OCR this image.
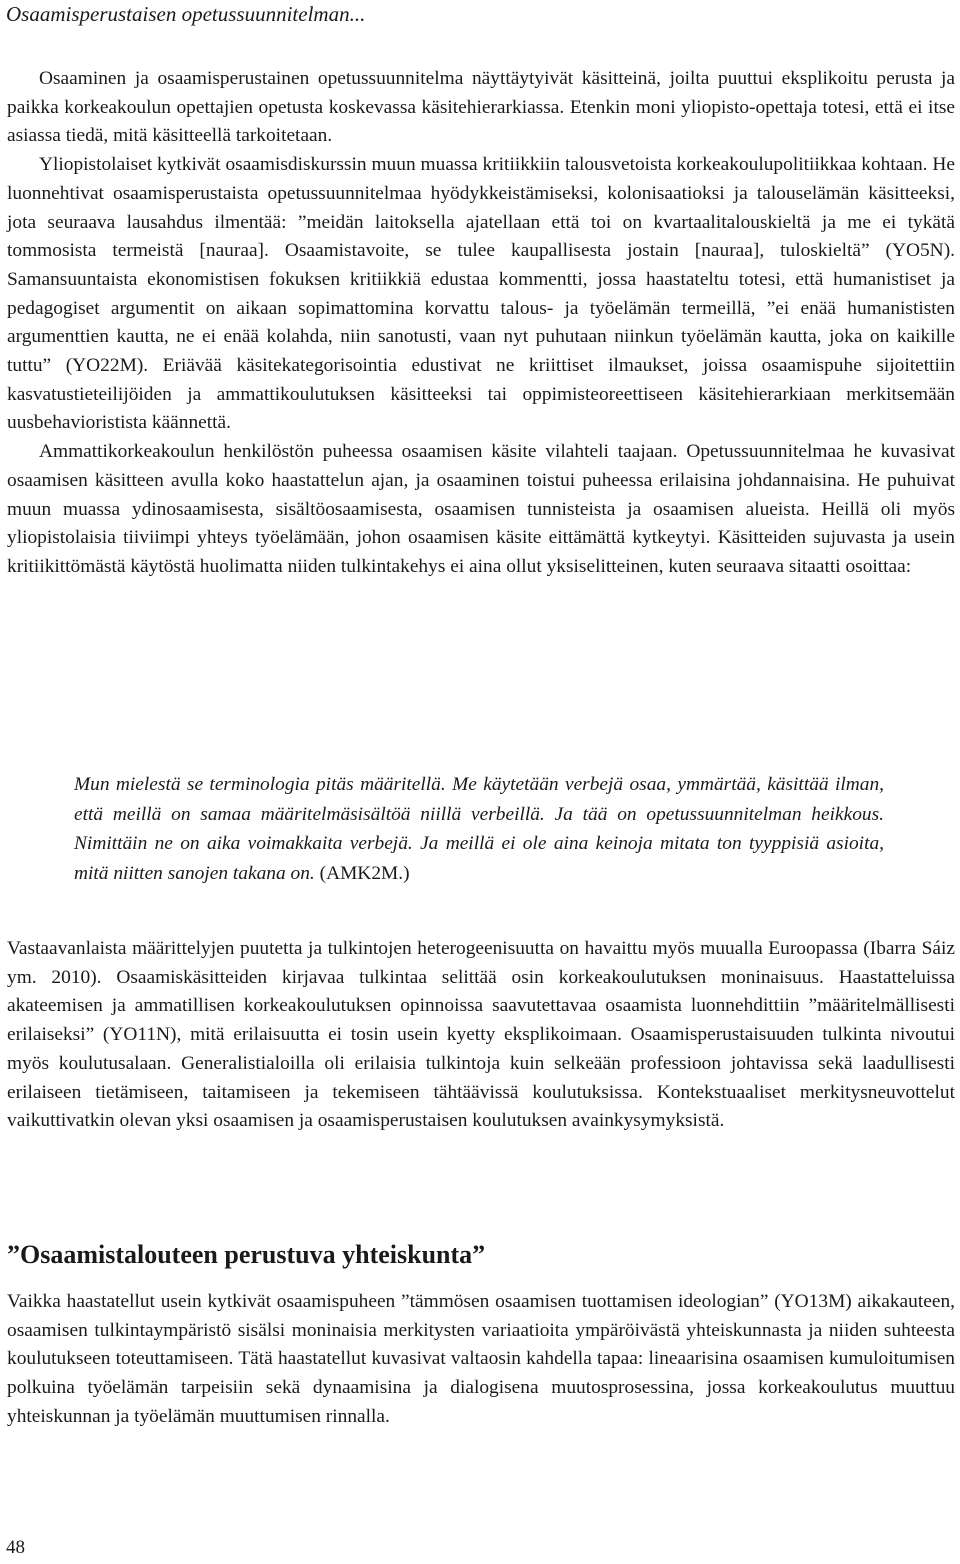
Osaamisperustaisen opetussuunnitelman...

Osaaminen ja osaamisperustainen opetussuunnitelma näyttäytyivät käsitteinä, joilta puuttui eksplikoitu perusta ja paikka korkeakoulun opettajien opetusta koskevassa käsitehierarkiassa. Etenkin moni yliopisto-opettaja totesi, että ei itse asiassa tiedä, mitä käsitteellä tarkoitetaan.

Yliopistolaiset kytkivät osaamisdiskurssin muun muassa kritiikkiin talousvetoista korkeakoulupolitiikkaa kohtaan. He luonnehtivat osaamisperustaista opetussuunnitelmaa hyödykkeistämiseksi, kolonisaatioksi ja talouselämän käsitteeksi, jota seuraava lausahdus ilmentää: ”meidän laitoksella ajatellaan että toi on kvartaalitalouskieltä ja me ei tykätä tommosista termeistä [nauraa]. Osaamistavoite, se tulee kaupallisesta jostain [nauraa], tuloskieltä” (YO5N). Samansuuntaista ekonomistisen fokuksen kritiikkiä edustaa kommentti, jossa haastateltu totesi, että humanistiset ja pedagogiset argumentit on aikaan sopimattomina korvattu talous- ja työelämän termeillä, ”ei enää humanististen argumenttien kautta, ne ei enää kolahda, niin sanotusti, vaan nyt puhutaan niinkun työelämän kautta, joka on kaikille tuttu” (YO22M). Eriävää käsitekategorisointia edustivat ne kriittiset ilmaukset, joissa osaamispuhe sijoitettiin kasvatustieteilijöiden ja ammattikoulutuksen käsitteeksi tai oppimisteoreettiseen käsitehierarkiaan merkitsemään uusbehavioristista käännettä.

Ammattikorkeakoulun henkilöstön puheessa osaamisen käsite vilahteli taajaan. Opetussuunnitelmaa he kuvasivat osaamisen käsitteen avulla koko haastattelun ajan, ja osaaminen toistui puheessa erilaisina johdannaisina. He puhuivat muun muassa ydinosaamisesta, sisältöosaamisesta, osaamisen tunnisteista ja osaamisen alueista. Heillä oli myös yliopistolaisia tiiviimpi yhteys työelämään, johon osaamisen käsite eittämättä kytkeytyi. Käsitteiden sujuvasta ja usein kritiikittömästä käytöstä huolimatta niiden tulkintakehys ei aina ollut yksiselitteinen, kuten seuraava sitaatti osoittaa:

Mun mielestä se terminologia pitäs määritellä. Me käytetään verbejä osaa, ymmärtää, käsittää ilman, että meillä on samaa määritelmäsisältöä niillä verbeillä. Ja tää on opetussuunnitelman heikkous. Nimittäin ne on aika voimakkaita verbejä. Ja meillä ei ole aina keinoja mitata ton tyyppisiä asioita, mitä niitten sanojen takana on. (AMK2M.)

Vastaavanlaista määrittelyjen puutetta ja tulkintojen heterogeenisuutta on havaittu myös muualla Euroopassa (Ibarra Sáiz ym. 2010). Osaamiskäsitteiden kirjavaa tulkintaa selittää osin korkeakoulutuksen moninaisuus. Haastatteluissa akateemisen ja ammatillisen korkeakoulutuksen opinnoissa saavutettavaa osaamista luonnehdittiin ”määritelmällisesti erilaiseksi” (YO11N), mitä erilaisuutta ei tosin usein kyetty eksplikoimaan. Osaamisperustaisuuden tulkinta nivoutui myös koulutusalaan. Generalistialoilla oli erilaisia tulkintoja kuin selkeään professioon johtavissa sekä laadullisesti erilaiseen tietämiseen, taitamiseen ja tekemiseen tähtäävissä koulutuksissa. Kontekstuaaliset merkitysneuvottelut vaikuttivatkin olevan yksi osaamisen ja osaamisperustaisen koulutuksen avainkysymyksistä.

”Osaamistalouteen perustuva yhteiskunta”

Vaikka haastatellut usein kytkivät osaamispuheen ”tämmösen osaamisen tuottamisen ideologian” (YO13M) aikakauteen, osaamisen tulkintaympäristö sisälsi moninaisia merkitysten variaatioita ympäröivästä yhteiskunnasta ja niiden suhteesta koulutukseen toteuttamiseen. Tätä haastatellut kuvasivat valtaosin kahdella tapaa: lineaarisina osaamisen kumuloitumisen polkuina työelämän tarpeisiin sekä dynaamisina ja dialogisena muutosprosessina, jossa korkeakoulutus muuttuu yhteiskunnan ja työelämän muuttumisen rinnalla.

48
